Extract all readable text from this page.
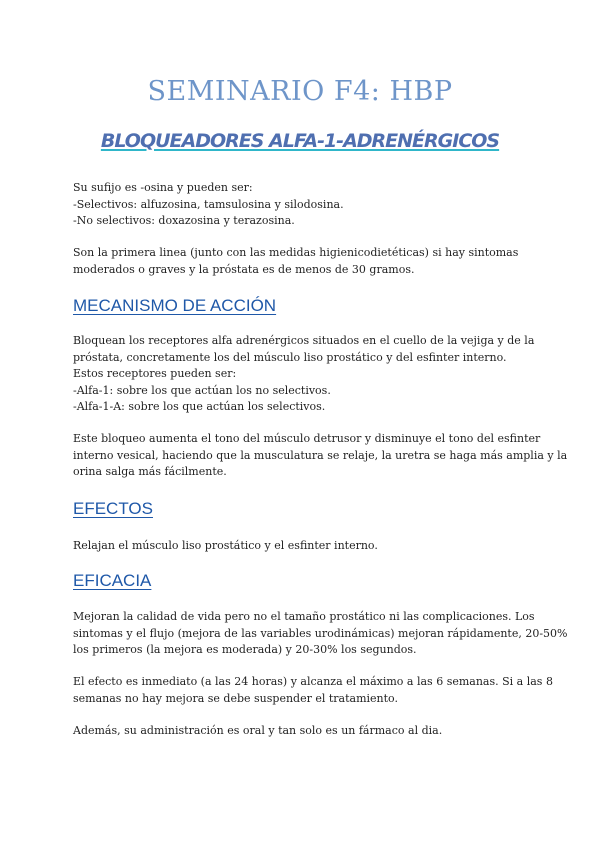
SEMINARIO F4: HBP
BLOQUEADORES ALFA-1-ADRENÉRGICOS
Su sufijo es -osina y pueden ser:
-Selectivos: alfuzosina, tamsulosina y silodosina.
-No selectivos: doxazosina y terazosina.
Son la primera linea (junto con las medidas higienicodietéticas) si hay sintomas
moderados o graves y la próstata es de menos de 30 gramos.
MECANISMO DE ACCIÓN
Bloquean los receptores alfa adrenérgicos situados en el cuello de la vejiga y de la
próstata, concretamente los del músculo liso prostático y del esfinter interno.
Estos receptores pueden ser:
-Alfa-1: sobre los que actúan los no selectivos.
-Alfa-1-A: sobre los que actúan los selectivos.
Este bloqueo aumenta el tono del músculo detrusor y disminuye el tono del esfinter
interno vesical, haciendo que la musculatura se relaje, la uretra se haga más amplia y la
orina salga más fácilmente.
EFECTOS
Relajan el músculo liso prostático y el esfinter interno.
EFICACIA
Mejoran la calidad de vida pero no el tamaño prostático ni las complicaciones. Los
sintomas y el flujo (mejora de las variables urodinámicas) mejoran rápidamente, 20-50%
los primeros (la mejora es moderada) y 20-30% los segundos.
El efecto es inmediato (a las 24 horas) y alcanza el máximo a las 6 semanas. Si a las 8
semanas no hay mejora se debe suspender el tratamiento.
Además, su administración es oral y tan solo es un fármaco al dia.
